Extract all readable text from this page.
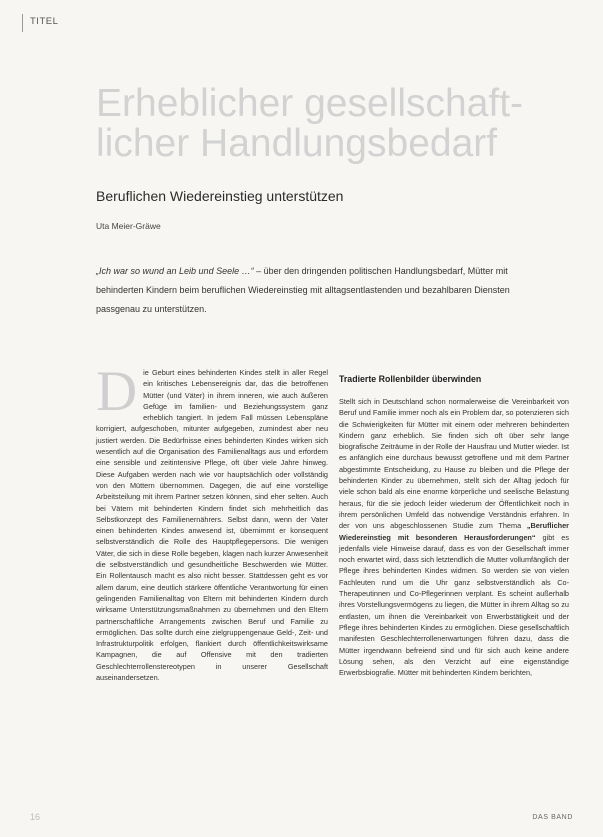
TITEL
Erheblicher gesellschaft-
licher Handlungsbedarf
Beruflichen Wiedereinstieg unterstützen
Uta Meier-Gräwe
„Ich war so wund an Leib und Seele …“ – über den dringenden politischen Handlungsbedarf, Mütter mit behinderten Kindern beim beruflichen Wiedereinstieg mit alltagsentlastenden und bezahlbaren Diensten passgenau zu unterstützen.
Die Geburt eines behinderten Kindes stellt in aller Regel ein kritisches Lebensereignis dar, das die betroffenen Mütter (und Väter) in ihrem inneren, wie auch äußeren Gefüge im familien- und Beziehungssystem ganz erheblich tangiert. In jedem Fall müssen Lebenspläne korrigiert, aufgeschoben, mitunter aufgegeben, zumindest aber neu justiert werden. Die Bedürfnisse eines behinderten Kindes wirken sich wesentlich auf die Organisation des Familienalltags aus und erfordern eine sensible und zeitintensive Pflege, oft über viele Jahre hinweg. Diese Aufgaben werden nach wie vor hauptsächlich oder vollständig von den Müttern übernommen. Dagegen, die auf eine vorstellige Arbeitsteilung mit ihrem Partner setzen können, sind eher selten. Auch bei Vätern mit behinderten Kindern findet sich mehrheitlich das Selbstkonzept des Familienernährers. Selbst dann, wenn der Vater einen behinderten Kindes anwesend ist, übernimmt er konsequent selbstverständlich die Rolle des Hauptpflegepersons. Die wenigen Väter, die sich in diese Rolle begeben, klagen nach kurzer Anwesenheit die selbstverständlich und gesundheitliche Beschwerden wie Mütter. Ein Rollentausch macht es also nicht besser. Stattdessen geht es vor allem darum, eine deutlich stärkere öffentliche Verantwortung für einen gelingenden Familienalltag von Eltern mit behinderten Kindern durch wirksame Unterstützungsmaßnahmen zu übernehmen und den Eltern partnerschaftliche Arrangements zwischen Beruf und Familie zu ermöglichen. Das sollte durch eine zielgruppengenaue Geld-, Zeit- und Infrastrukturpolitik erfolgen, flankiert durch öffentlichkeitswirksame Kampagnen, die auf Offensive mit den tradierten Geschlechterrollenstereotypen in unserer Gesellschaft auseinandersetzen.
Tradierte Rollenbilder überwinden

Stellt sich in Deutschland schon normalerweise die Vereinbarkeit von Beruf und Familie immer noch als ein Problem dar, so potenzieren sich die Schwierigkeiten für Mütter mit einem oder mehreren behinderten Kindern ganz erheblich. Sie finden sich oft über sehr lange biografische Zeiträume in der Rolle der Hausfrau und Mutter wieder. Ist es anfänglich eine durchaus bewusst getroffene und mit dem Partner abgestimmte Entscheidung, zu Hause zu bleiben und die Pflege der behinderten Kinder zu übernehmen, stellt sich der Alltag jedoch für viele schon bald als eine enorme körperliche und seelische Belastung heraus, für die sie jedoch leider wiederum der Öffentlichkeit noch in ihrem persönlichen Umfeld das notwendige Verständnis erfahren. In der von uns abgeschlossenen Studie zum Thema „Beruflicher Wiedereinstieg mit besonderen Herausforderungen“ gibt es jedenfalls viele Hinweise darauf, dass es von der Gesellschaft immer noch erwartet wird, dass sich letztendlich die Mutter vollumfänglich der Pflege ihres behinderten Kindes widmen. So werden sie von vielen Fachleuten rund um die Uhr ganz selbstverständlich als Co-Therapeutinnen und Co-Pflegerinnen verplant. Es scheint außerhalb ihres Vorstellungsvermögens zu liegen, die Mütter in ihrem Alltag so zu entlasten, um ihnen die Vereinbarkeit von Erwerbstätigkeit und der Pflege ihres behinderten Kindes zu ermöglichen. Diese gesellschaftlich manifesten Geschlechterrollenerwartungen führen dazu, dass die Mütter irgendwann befreiend sind und für sich auch keine andere Lösung sehen, als den Verzicht auf eine eigenständige Erwerbsbiografie. Mütter mit behinderten Kindern berichten,

16	DAS BAND
